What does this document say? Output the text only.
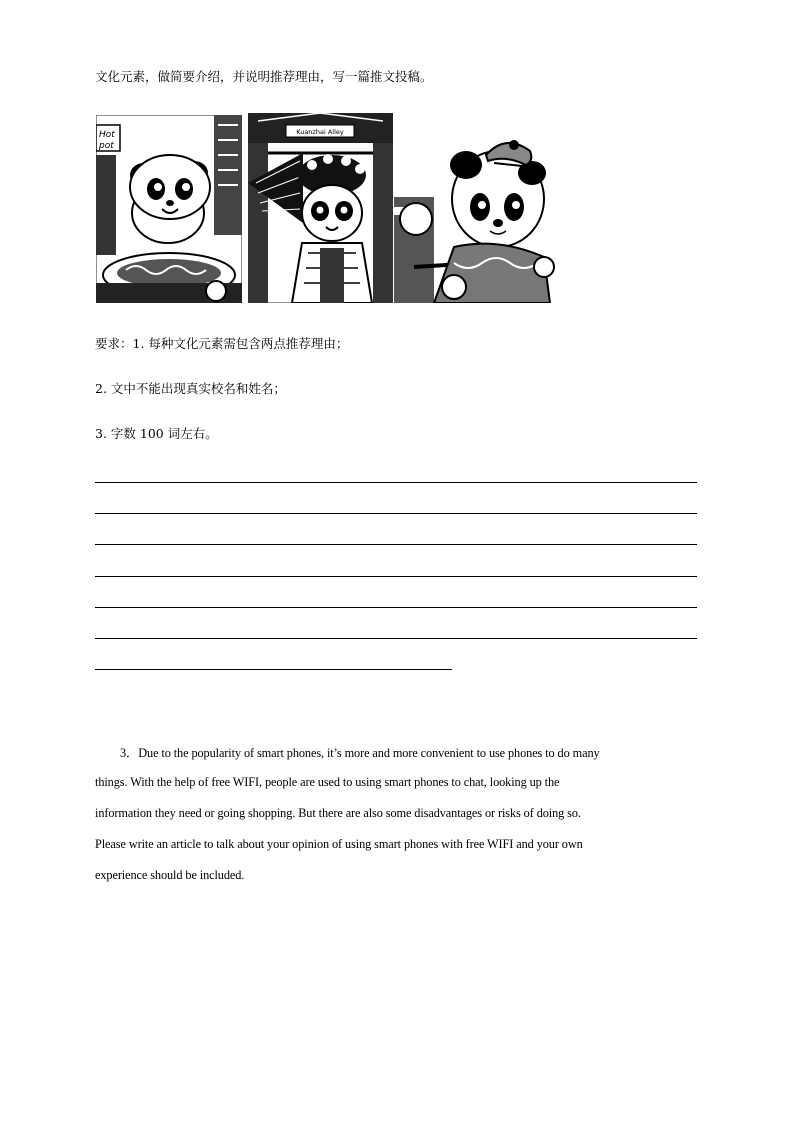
文化元素，做简要介绍，并说明推荐理由，写一篇推文投稿。
Hot
pot
Kuanzhai Alley
要求：1. 每种文化元素需包含两点推荐理由；
2. 文中不能出现真实校名和姓名；
3. 字数 100 词左右。
3．Due to the popularity of smart phones, it’s more and more convenient to use phones to do many
things. With the help of free WIFI, people are used to using smart phones to chat, looking up the
information they need or going shopping. But there are also some disadvantages or risks of doing so.
Please write an article to talk about your opinion of using smart phones with free WIFI and your own
experience should be included.
